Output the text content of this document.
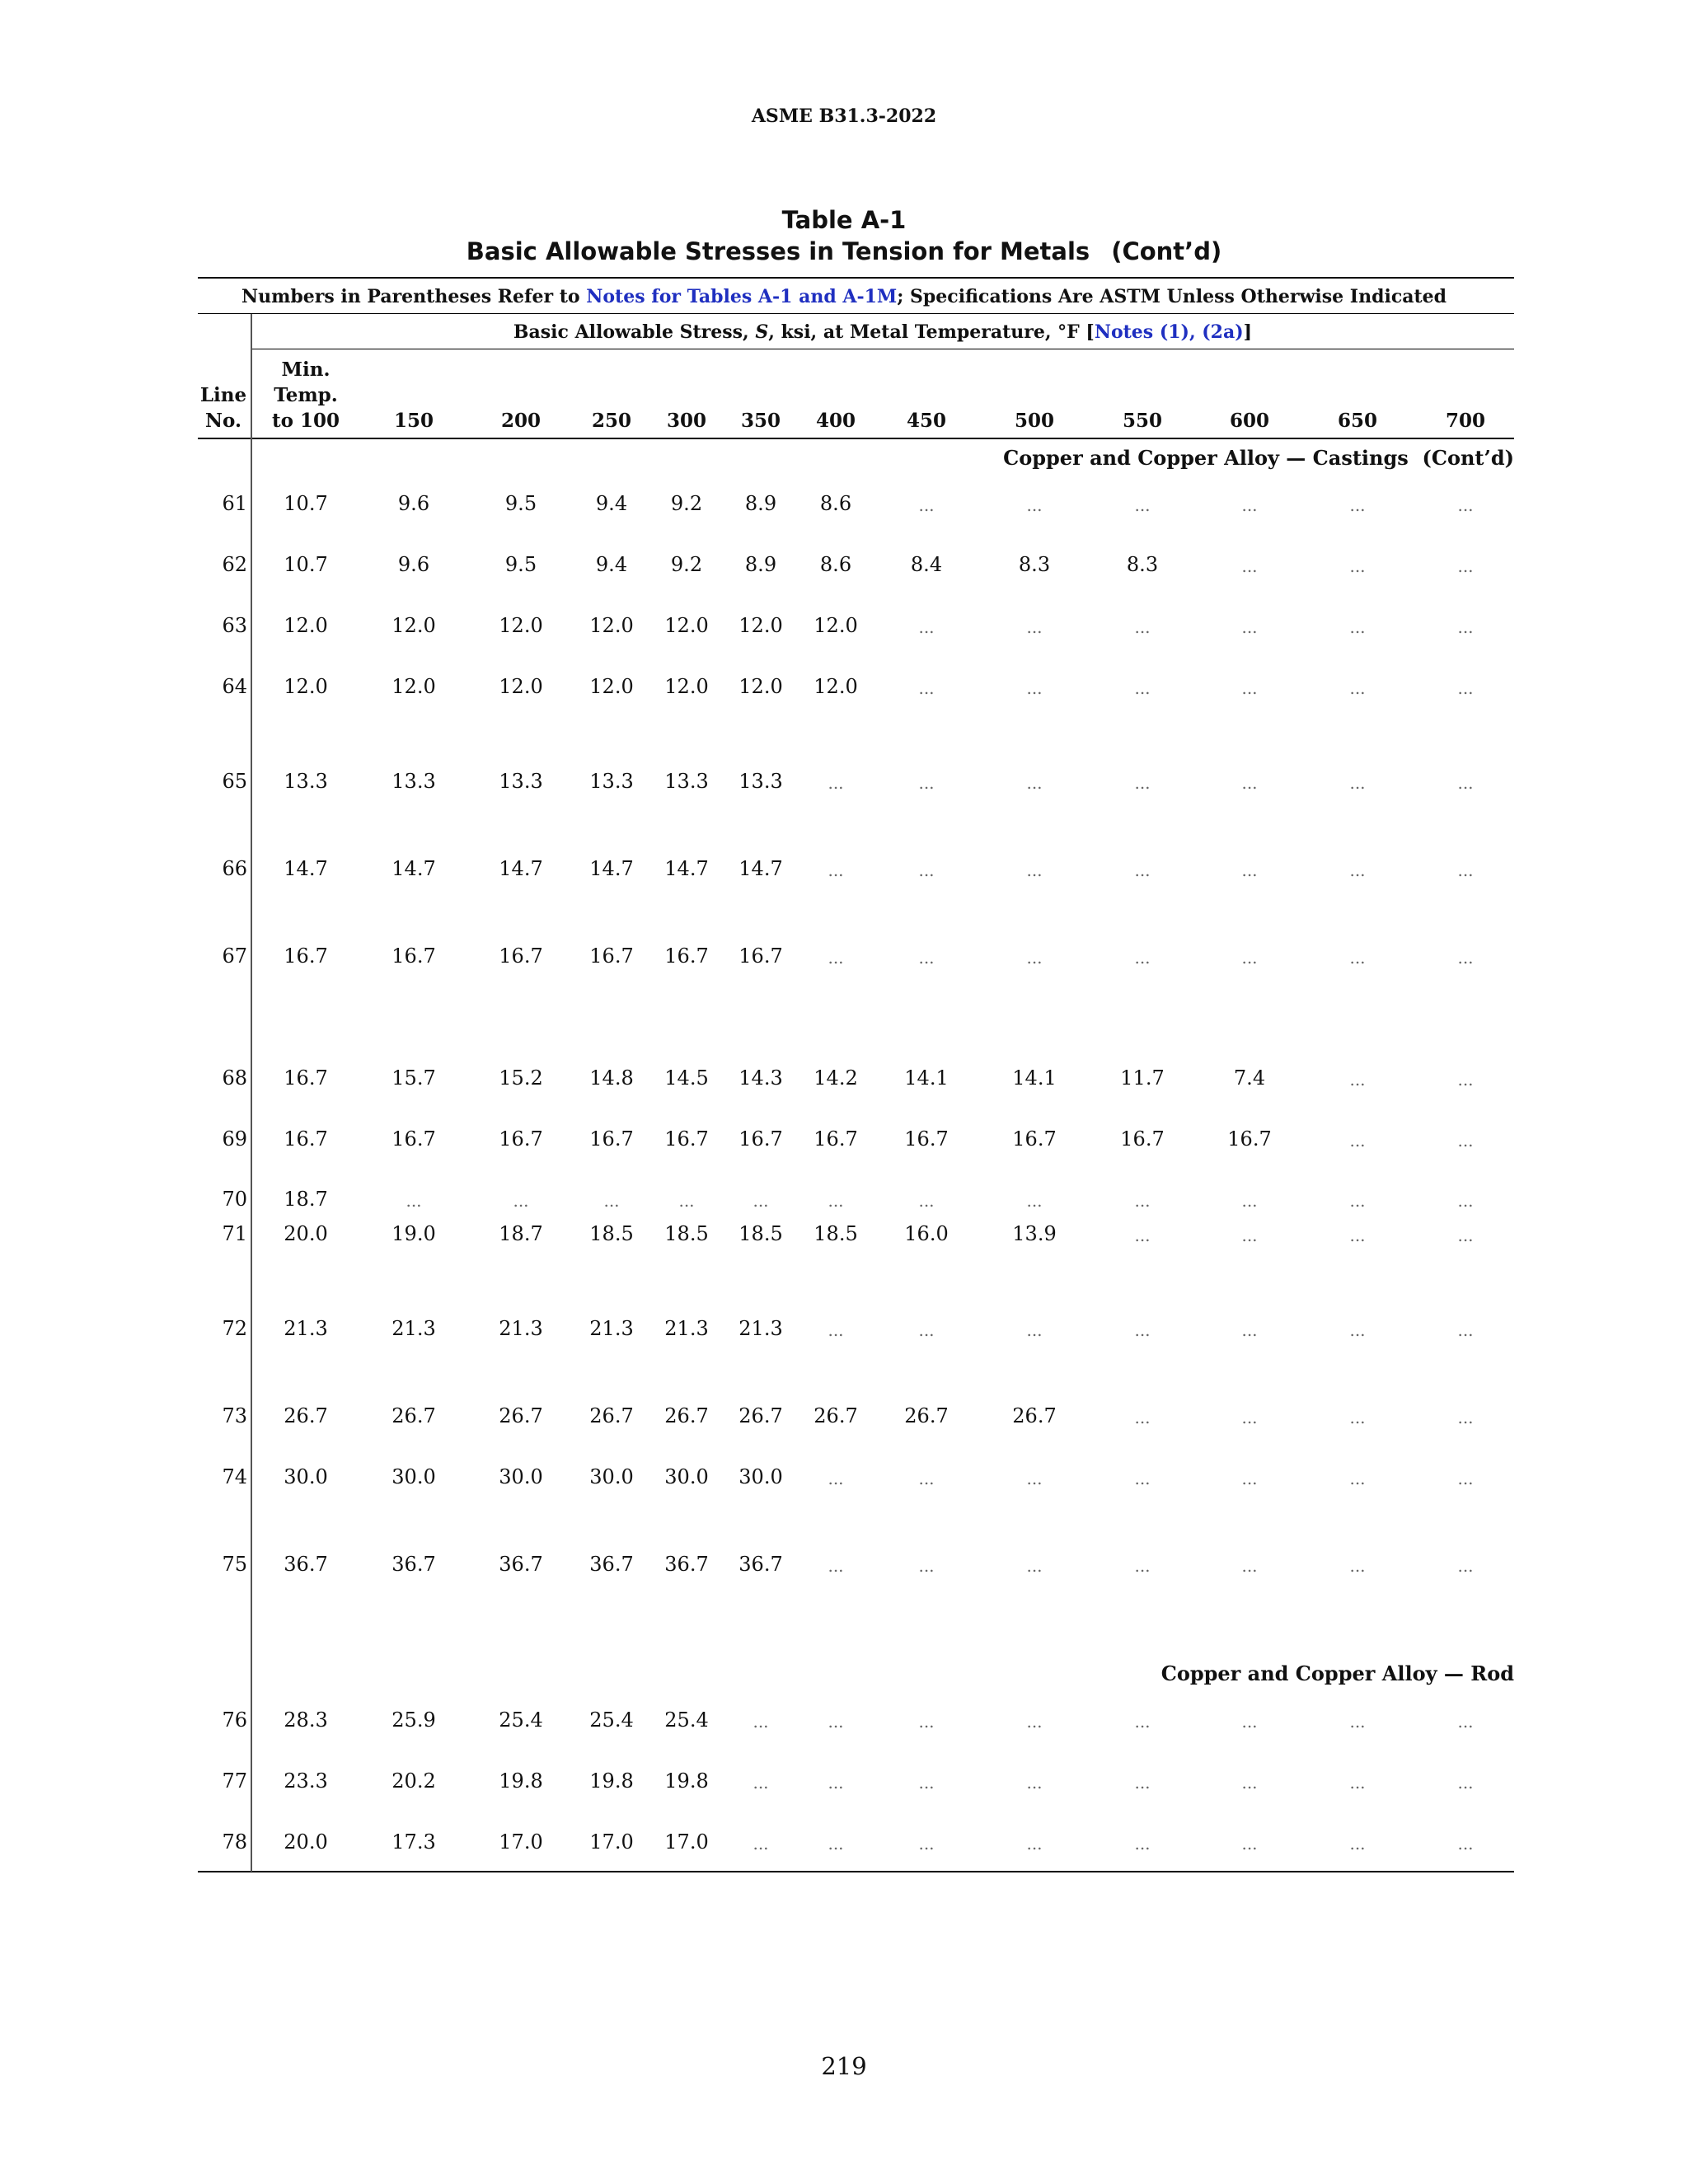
ASME B31.3-2022
Table A-1
Basic Allowable Stresses in Tension for Metals (Cont’d)
Numbers in Parentheses Refer to Notes for Tables A-1 and A-1M; Specifications Are ASTM Unless Otherwise Indicated
Basic Allowable Stress, S, ksi, at Metal Temperature, °F [Notes (1), (2a)]
Line
No.
Min.
Temp.
to 100	150	200	250	300	350	400	450	500	550	600	650	700
Copper and Copper Alloy — Castings (Cont’d)
Copper and Copper Alloy — Rod
61 10.7	9.6	9.5	9.4 9.2 8.9 8.6	...	...	...	...	...	...
62 10.7	9.6	9.5	9.4 9.2 8.9 8.6	8.4	8.3	8.3	...	...	...
63 12.0	12.0	12.0 12.0 12.0 12.0 12.0	...	...	...	...	...	...
64 12.0	12.0	12.0 12.0 12.0 12.0 12.0	...	...	...	...	...	...
65 13.3	13.3	13.3 13.3 13.3 13.3	...	...	...	...	...	...	...
66 14.7	14.7	14.7 14.7 14.7 14.7	...	...	...	...	...	...	...
67 16.7	16.7	16.7 16.7 16.7 16.7	...	...	...	...	...	...	...
68 16.7	15.7	15.2 14.8 14.5 14.3 14.2 14.1	14.1	11.7	7.4	...	...
69 16.7	16.7	16.7 16.7 16.7 16.7 16.7 16.7	16.7	16.7	16.7	...	...
70 18.7	...	...	...	...	...	...	...	...	...	...	...	...
71 20.0	19.0	18.7 18.5 18.5 18.5 18.5 16.0	13.9	...	...	...	...
72 21.3	21.3	21.3 21.3 21.3 21.3	...	...	...	...	...	...	...
73 26.7	26.7	26.7 26.7 26.7 26.7 26.7 26.7	26.7	...	...	...	...
74 30.0	30.0	30.0 30.0 30.0 30.0	...	...	...	...	...	...	...
75 36.7	36.7	36.7 36.7 36.7 36.7	...	...	...	...	...	...	...
76 28.3	25.9	25.4 25.4 25.4	...	...	...	...	...	...	...	...
77 23.3	20.2	19.8 19.8 19.8	...	...	...	...	...	...	...	...
78 20.0	17.3	17.0 17.0 17.0	...	...	...	...	...	...	...	...
219
